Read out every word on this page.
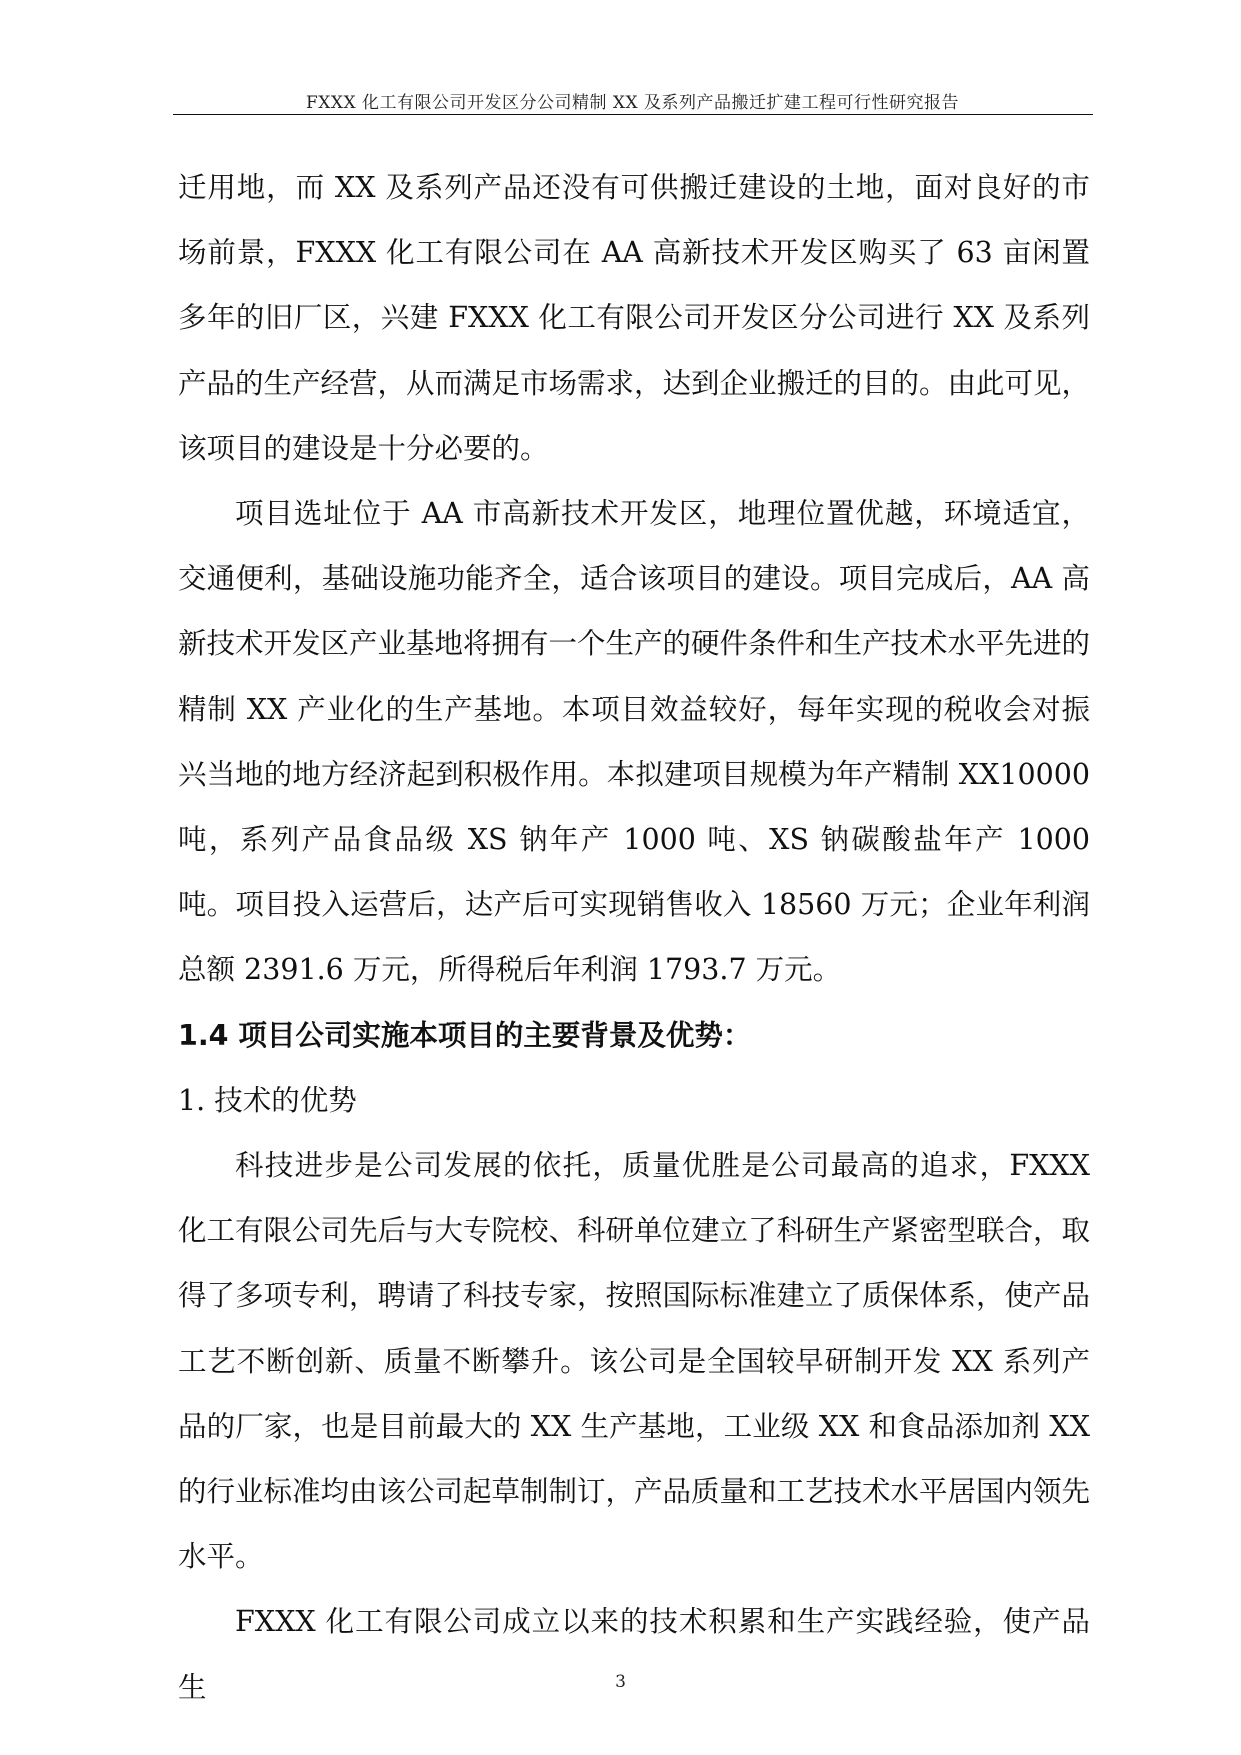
FXXX 化工有限公司开发区分公司精制 XX 及系列产品搬迁扩建工程可行性研究报告

迁用地，而 XX 及系列产品还没有可供搬迁建设的土地，面对良好的市场前景，FXXX 化工有限公司在 AA 高新技术开发区购买了 63 亩闲置多年的旧厂区，兴建 FXXX 化工有限公司开发区分公司进行 XX 及系列产品的生产经营，从而满足市场需求，达到企业搬迁的目的。由此可见，该项目的建设是十分必要的。

项目选址位于 AA 市高新技术开发区，地理位置优越，环境适宜，交通便利，基础设施功能齐全，适合该项目的建设。项目完成后，AA 高新技术开发区产业基地将拥有一个生产的硬件条件和生产技术水平先进的精制 XX 产业化的生产基地。本项目效益较好，每年实现的税收会对振兴当地的地方经济起到积极作用。本拟建项目规模为年产精制 XX10000 吨，系列产品食品级 XS 钠年产 1000 吨、XS 钠碳酸盐年产 1000 吨。项目投入运营后，达产后可实现销售收入 18560 万元；企业年利润总额 2391.6 万元，所得税后年利润 1793.7 万元。

1.4 项目公司实施本项目的主要背景及优势：

1. 技术的优势

科技进步是公司发展的依托，质量优胜是公司最高的追求，FXXX 化工有限公司先后与大专院校、科研单位建立了科研生产紧密型联合，取得了多项专利，聘请了科技专家，按照国际标准建立了质保体系，使产品工艺不断创新、质量不断攀升。该公司是全国较早研制开发 XX 系列产品的厂家，也是目前最大的 XX 生产基地，工业级 XX 和食品添加剂 XX 的行业标准均由该公司起草制制订，产品质量和工艺技术水平居国内领先水平。

FXXX 化工有限公司成立以来的技术积累和生产实践经验，使产品生	3
